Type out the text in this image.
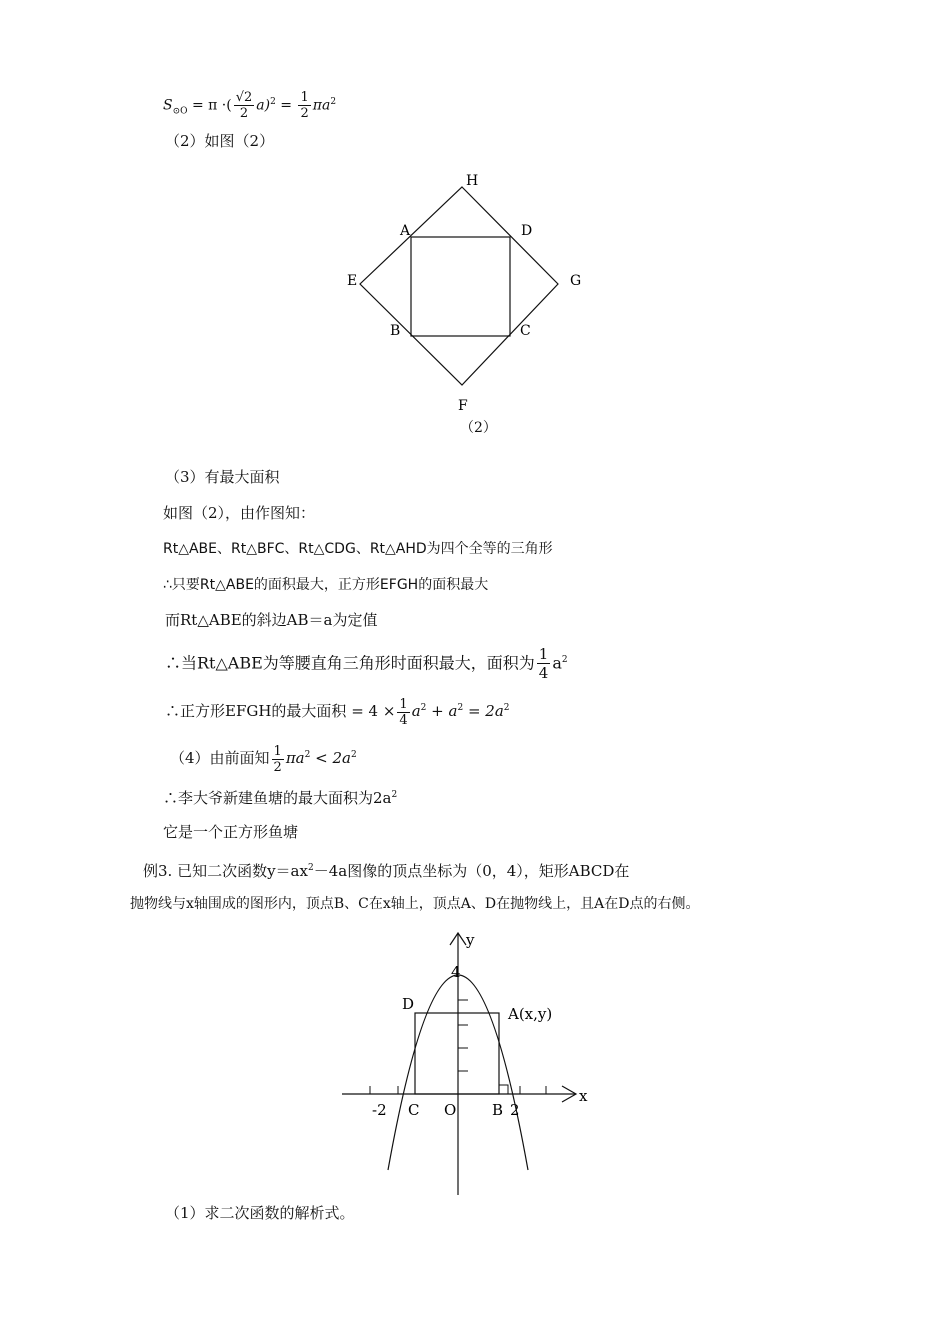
$S_{⊙O} = \pi$ ·( $\frac{√2}{2} a)^2 = \frac{1}{2} \pi a^2$
（2）如图（2）
H
A	D
E	G
B	C
F
（2）
（3）有最大面积
如图（2），由作图知：
Rt△ABE、Rt△BFC、Rt△CDG、Rt△AHD为四个全等的三角形
∴只要Rt△ABE的面积最大，正方形EFGH的面积最大
而Rt△ABE的斜边AB＝a为定值
∴当Rt△ABE为等腰直角三角形时面积最大，面积为 $\frac{1}{4} a^2$
∴正方形EFGH的最大面积 = $4 \times \frac{1}{4} a^2 + a^2 = 2a^2$
（4）由前面知 $\frac{1}{2} \pi a^2 < 2a^2$
∴李大爷新建鱼塘的最大面积为$2a^2$
它是一个正方形鱼塘
例3. 已知二次函数$y=ax^2-4a$图像的顶点坐标为（0，4），矩形ABCD在
抛物线与x轴围成的图形内，顶点B、C在x轴上，顶点A、D在抛物线上，且A在D点的右侧。
y
x
4
D
A(x,y)
-2 C O B 2
（1）求二次函数的解析式。
